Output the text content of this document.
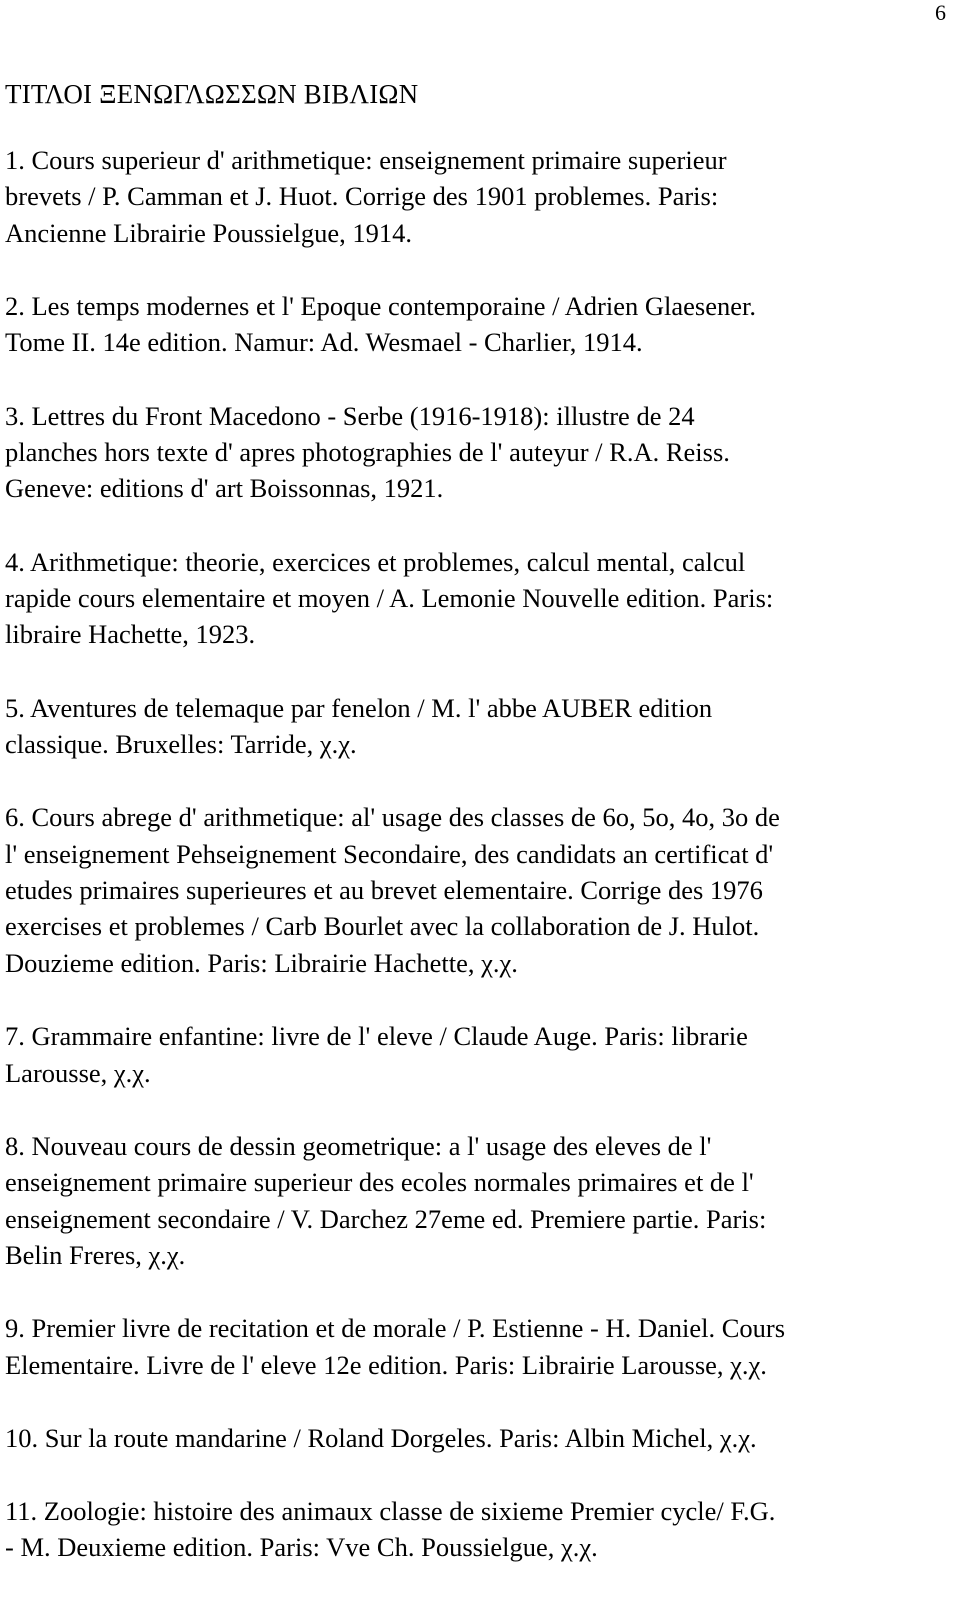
6
ΤΙΤΛΟΙ ΞΕΝΩΓΛΩΣΣΩΝ ΒΙΒΛΙΩΝ
1. Cours superieur d' arithmetique: enseignement primaire superieur
brevets / P. Camman et J. Huot. Corrige des 1901 problemes. Paris:
Ancienne Librairie Poussielgue, 1914.
2. Les temps modernes et l' Epoque contemporaine / Adrien Glaesener.
Tome II. 14e edition. Namur: Ad. Wesmael - Charlier, 1914.
3. Lettres du Front Macedono - Serbe (1916-1918): illustre de 24
planches hors texte d' apres photographies de l' auteyur / R.A. Reiss.
Geneve: editions d' art Boissonnas, 1921.
4. Arithmetique: theorie, exercices et problemes, calcul mental, calcul
rapide cours elementaire et moyen / A. Lemonie Nouvelle edition. Paris:
libraire Hachette, 1923.
5. Aventures de telemaque par fenelon / M. l' abbe AUBER edition
classique. Bruxelles: Tarride, χ.χ.
6. Cours abrege d' arithmetique: al' usage des classes de 6o, 5o, 4o, 3o de
l' enseignement Pehseignement Secondaire, des candidats an certificat d'
etudes primaires superieures et au brevet elementaire. Corrige des 1976
exercises et problemes / Carb Bourlet avec la collaboration de J. Hulot.
Douzieme edition. Paris: Librairie Hachette, χ.χ.
7. Grammaire enfantine: livre de l' eleve / Claude Auge. Paris: librarie
Larousse, χ.χ.
8. Nouveau cours de dessin geometrique: a l' usage des eleves de l'
enseignement primaire superieur des ecoles normales primaires et de l'
enseignement secondaire / V. Darchez 27eme ed. Premiere partie. Paris:
Belin Freres, χ.χ.
9. Premier livre de recitation et de morale / P. Estienne - H. Daniel. Cours
Elementaire. Livre de l' eleve 12e edition. Paris: Librairie Larousse, χ.χ.
10. Sur la route mandarine / Roland Dorgeles. Paris: Albin Michel, χ.χ.
11. Zoologie: histoire des animaux classe de sixieme Premier cycle/ F.G.
- M. Deuxieme edition. Paris: Vve Ch. Poussielgue, χ.χ.
